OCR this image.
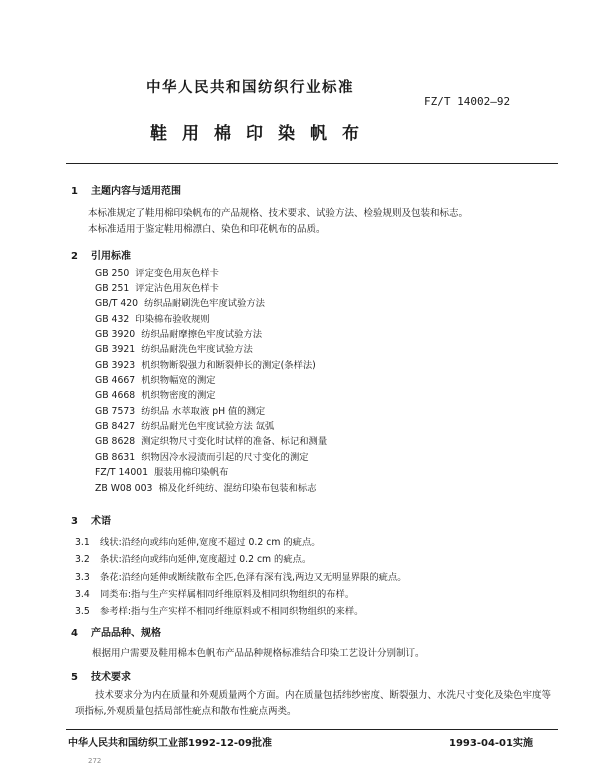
中华人民共和国纺织行业标准
FZ/T 14002—92
鞋用棉印染帆布
1 主题内容与适用范围
本标准规定了鞋用棉印染帆布的产品规格、技术要求、试验方法、检验规则及包装和标志。
本标准适用于鉴定鞋用棉漂白、染色和印花帆布的品质。
2 引用标准
GB 250 评定变色用灰色样卡
GB 251 评定沾色用灰色样卡
GB/T 420 纺织品耐刷洗色牢度试验方法
GB 432 印染棉布验收规则
GB 3920 纺织品耐摩擦色牢度试验方法
GB 3921 纺织品耐洗色牢度试验方法
GB 3923 机织物断裂强力和断裂伸长的测定(条样法)
GB 4667 机织物幅宽的测定
GB 4668 机织物密度的测定
GB 7573 纺织品 水萃取液 pH 值的测定
GB 8427 纺织品耐光色牢度试验方法 氙弧
GB 8628 测定织物尺寸变化时试样的准备、标记和测量
GB 8631 织物因冷水浸渍而引起的尺寸变化的测定
FZ/T 14001 服装用棉印染帆布
ZB W08 003 棉及化纤纯纺、混纺印染布包装和标志
3 术语
3.1 线状:沿经向或纬向延伸,宽度不超过 0.2 cm 的疵点。
3.2 条状:沿经向或纬向延伸,宽度超过 0.2 cm 的疵点。
3.3 条花:沿经向延伸或断续散布全匹,色泽有深有浅,两边又无明显界限的疵点。
3.4 同类布:指与生产实样属相同纤维原料及相同织物组织的布样。
3.5 参考样:指与生产实样不相同纤维原料或不相同织物组织的来样。
4 产品品种、规格
根据用户需要及鞋用棉本色帆布产品品种规格标准结合印染工艺设计分别制订。
5 技术要求
技术要求分为内在质量和外观质量两个方面。内在质量包括纬纱密度、断裂强力、水洗尺寸变化及染色牢度等项指标,外观质量包括局部性疵点和散布性疵点两类。
中华人民共和国纺织工业部1992-12-09批准	1993-04-01实施
272
